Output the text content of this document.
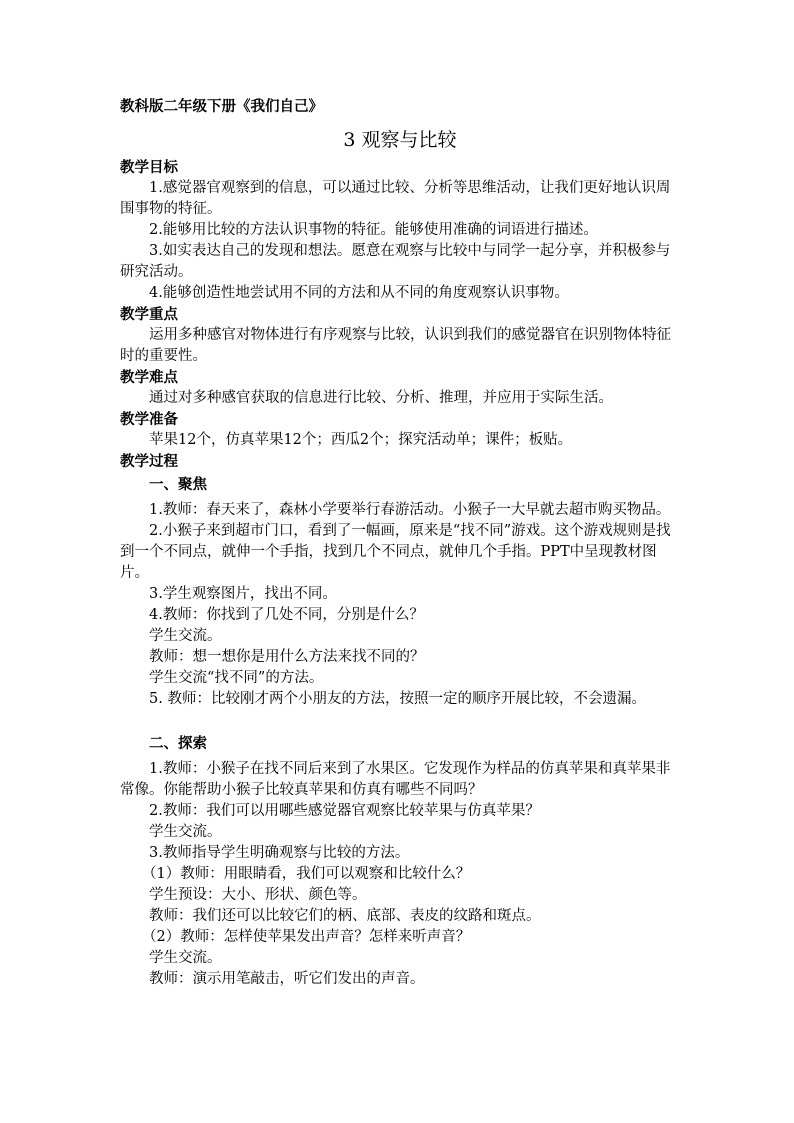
教科版二年级下册《我们自己》
3 观察与比较
教学目标

1.感觉器官观察到的信息，可以通过比较、分析等思维活动，让我们更好地认识周围事物的特征。

2.能够用比较的方法认识事物的特征。能够使用准确的词语进行描述。

3.如实表达自己的发现和想法。愿意在观察与比较中与同学一起分享，并积极参与研究活动。

4.能够创造性地尝试用不同的方法和从不同的角度观察认识事物。

教学重点

运用多种感官对物体进行有序观察与比较，认识到我们的感觉器官在识别物体特征时的重要性。

教学难点

通过对多种感官获取的信息进行比较、分析、推理，并应用于实际生活。

教学准备

苹果12个，仿真苹果12个；西瓜2个；探究活动单；课件；板贴。

教学过程
一、聚焦

1.教师：春天来了，森林小学要举行春游活动。小猴子一大早就去超市购买物品。

2.小猴子来到超市门口，看到了一幅画，原来是“找不同”游戏。这个游戏规则是找到一个不同点，就伸一个手指，找到几个不同点，就伸几个手指。PPT中呈现教材图片。

3.学生观察图片，找出不同。

4.教师：你找到了几处不同，分别是什么？

学生交流。

教师：想一想你是用什么方法来找不同的？

学生交流“找不同”的方法。

5. 教师：比较刚才两个小朋友的方法，按照一定的顺序开展比较，不会遗漏。

二、探索

1.教师：小猴子在找不同后来到了水果区。它发现作为样品的仿真苹果和真苹果非常像。你能帮助小猴子比较真苹果和仿真有哪些不同吗？

2.教师：我们可以用哪些感觉器官观察比较苹果与仿真苹果？

学生交流。

3.教师指导学生明确观察与比较的方法。

（1）教师：用眼睛看，我们可以观察和比较什么？

学生预设：大小、形状、颜色等。

教师：我们还可以比较它们的柄、底部、表皮的纹路和斑点。

（2）教师：怎样使苹果发出声音？怎样来听声音？

学生交流。

教师：演示用笔敲击，听它们发出的声音。
